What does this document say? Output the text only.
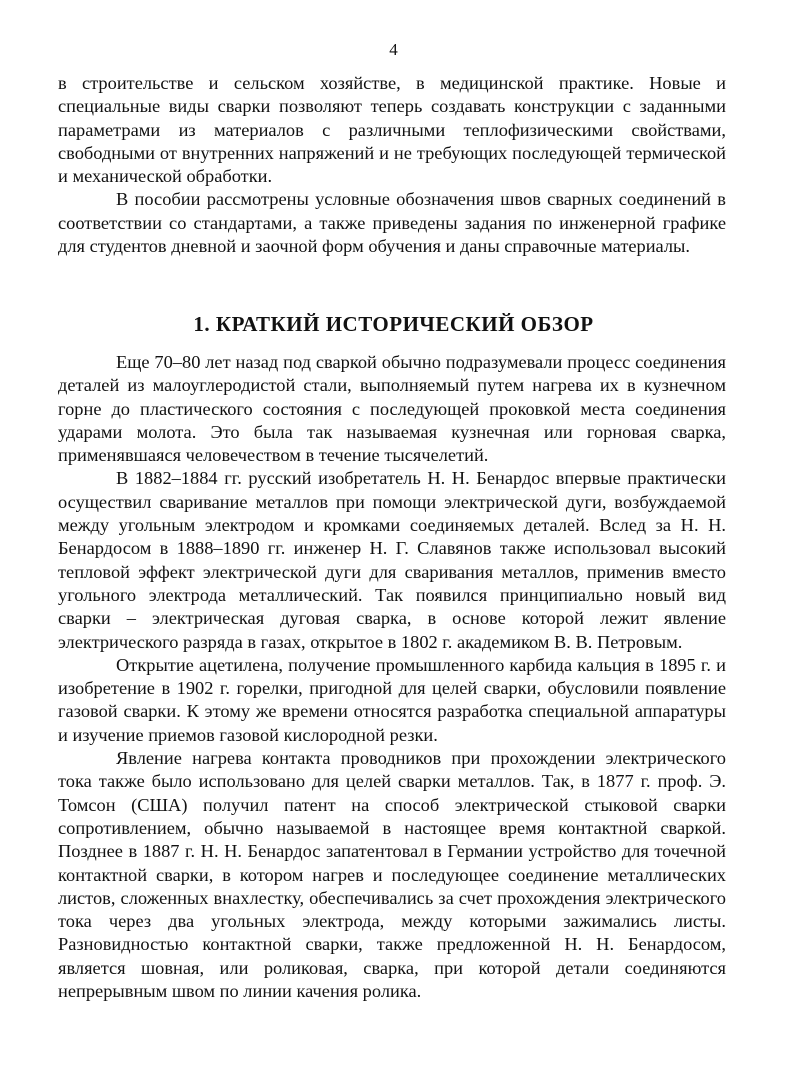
4

в строительстве и сельском хозяйстве, в медицинской практике. Новые и специальные виды сварки позволяют теперь создавать конструкции с заданными параметрами из материалов с различными теплофизическими свойствами, свободными от внутренних напряжений и не требующих последующей термической и механической обработки.

В пособии рассмотрены условные обозначения швов сварных соединений в соответствии со стандартами, а также приведены задания по инженерной графике для студентов дневной и заочной форм обучения и даны справочные материалы.

1. КРАТКИЙ ИСТОРИЧЕСКИЙ ОБЗОР

Еще 70–80 лет назад под сваркой обычно подразумевали процесс соединения деталей из малоуглеродистой стали, выполняемый путем нагрева их в кузнечном горне до пластического состояния с последующей проковкой места соединения ударами молота. Это была так называемая кузнечная или горновая сварка, применявшаяся человечеством в течение тысячелетий.

В 1882–1884 гг. русский изобретатель Н. Н. Бенардос впервые практически осуществил сваривание металлов при помощи электрической дуги, возбуждаемой между угольным электродом и кромками соединяемых деталей. Вслед за Н. Н. Бенардосом в 1888–1890 гг. инженер Н. Г. Славянов также использовал высокий тепловой эффект электрической дуги для сваривания металлов, применив вместо угольного электрода металлический. Так появился принципиально новый вид сварки – электрическая дуговая сварка, в основе которой лежит явление электрического разряда в газах, открытое в 1802 г. академиком В. В. Петровым.

Открытие ацетилена, получение промышленного карбида кальция в 1895 г. и изобретение в 1902 г. горелки, пригодной для целей сварки, обусловили появление газовой сварки. К этому же времени относятся разработка специальной аппаратуры и изучение приемов газовой кислородной резки.

Явление нагрева контакта проводников при прохождении электрического тока также было использовано для целей сварки металлов. Так, в 1877 г. проф. Э. Томсон (США) получил патент на способ электрической стыковой сварки сопротивлением, обычно называемой в настоящее время контактной сваркой. Позднее в 1887 г. Н. Н. Бенардос запатентовал в Германии устройство для точечной контактной сварки, в котором нагрев и последующее соединение металлических листов, сложенных внахлестку, обеспечивались за счет прохождения электрического тока через два угольных электрода, между которыми зажимались листы. Разновидностью контактной сварки, также предложенной Н. Н. Бенардосом, является шовная, или роликовая, сварка, при которой детали соединяются непрерывным швом по линии качения ролика.
